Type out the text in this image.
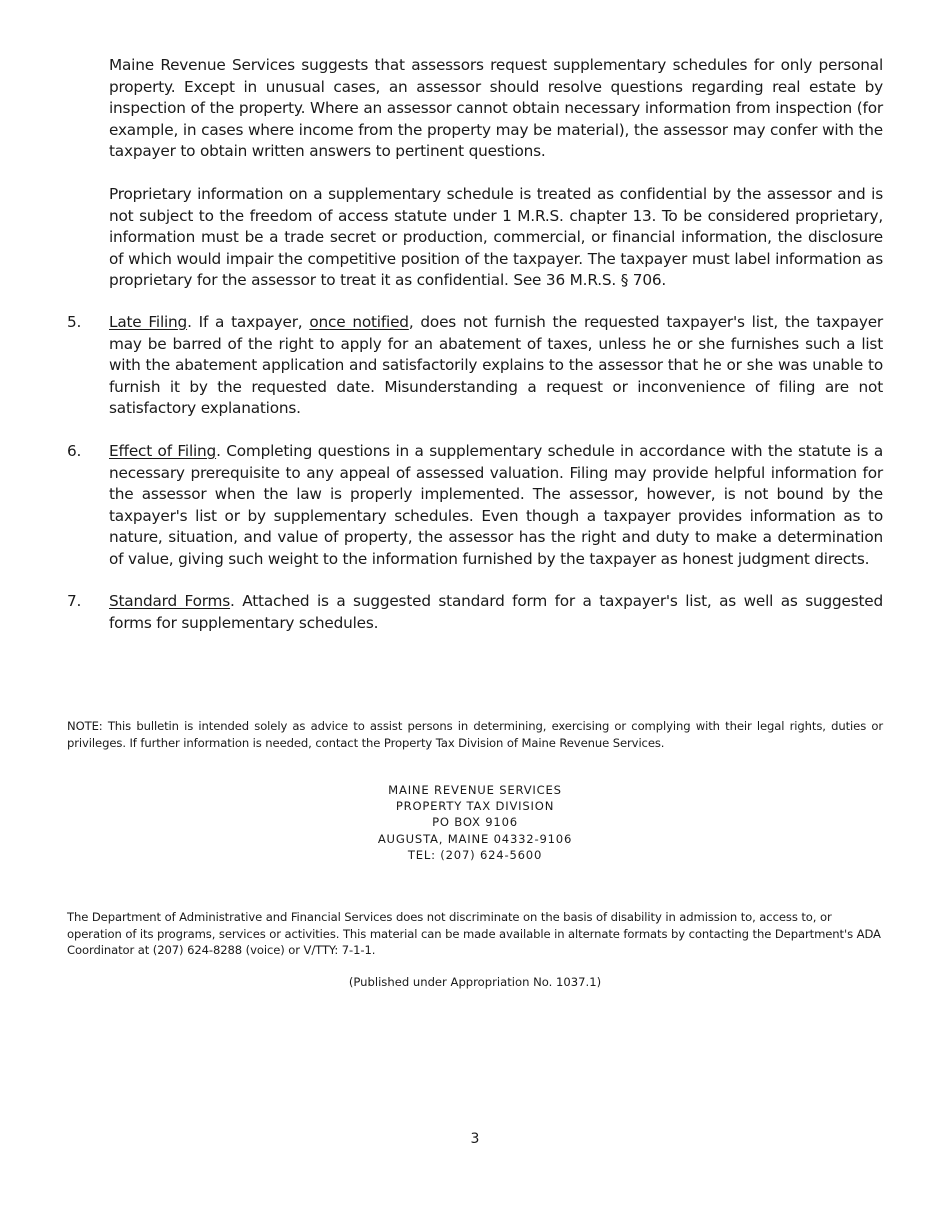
Maine Revenue Services suggests that assessors request supplementary schedules for only personal property. Except in unusual cases, an assessor should resolve questions regarding real estate by inspection of the property. Where an assessor cannot obtain necessary information from inspection (for example, in cases where income from the property may be material), the assessor may confer with the taxpayer to obtain written answers to pertinent questions.
Proprietary information on a supplementary schedule is treated as confidential by the assessor and is not subject to the freedom of access statute under 1 M.R.S. chapter 13. To be considered proprietary, information must be a trade secret or production, commercial, or financial information, the disclosure of which would impair the competitive position of the taxpayer. The taxpayer must label information as proprietary for the assessor to treat it as confidential. See 36 M.R.S. § 706.
5. Late Filing. If a taxpayer, once notified, does not furnish the requested taxpayer's list, the taxpayer may be barred of the right to apply for an abatement of taxes, unless he or she furnishes such a list with the abatement application and satisfactorily explains to the assessor that he or she was unable to furnish it by the requested date. Misunderstanding a request or inconvenience of filing are not satisfactory explanations.
6. Effect of Filing. Completing questions in a supplementary schedule in accordance with the statute is a necessary prerequisite to any appeal of assessed valuation. Filing may provide helpful information for the assessor when the law is properly implemented. The assessor, however, is not bound by the taxpayer's list or by supplementary schedules. Even though a taxpayer provides information as to nature, situation, and value of property, the assessor has the right and duty to make a determination of value, giving such weight to the information furnished by the taxpayer as honest judgment directs.
7. Standard Forms. Attached is a suggested standard form for a taxpayer's list, as well as suggested forms for supplementary schedules.
NOTE: This bulletin is intended solely as advice to assist persons in determining, exercising or complying with their legal rights, duties or privileges. If further information is needed, contact the Property Tax Division of Maine Revenue Services.
MAINE REVENUE SERVICES
PROPERTY TAX DIVISION
PO BOX 9106
AUGUSTA, MAINE 04332-9106
TEL: (207) 624-5600
The Department of Administrative and Financial Services does not discriminate on the basis of disability in admission to, access to, or operation of its programs, services or activities. This material can be made available in alternate formats by contacting the Department's ADA Coordinator at (207) 624-8288 (voice) or V/TTY: 7-1-1.
(Published under Appropriation No. 1037.1)
3
